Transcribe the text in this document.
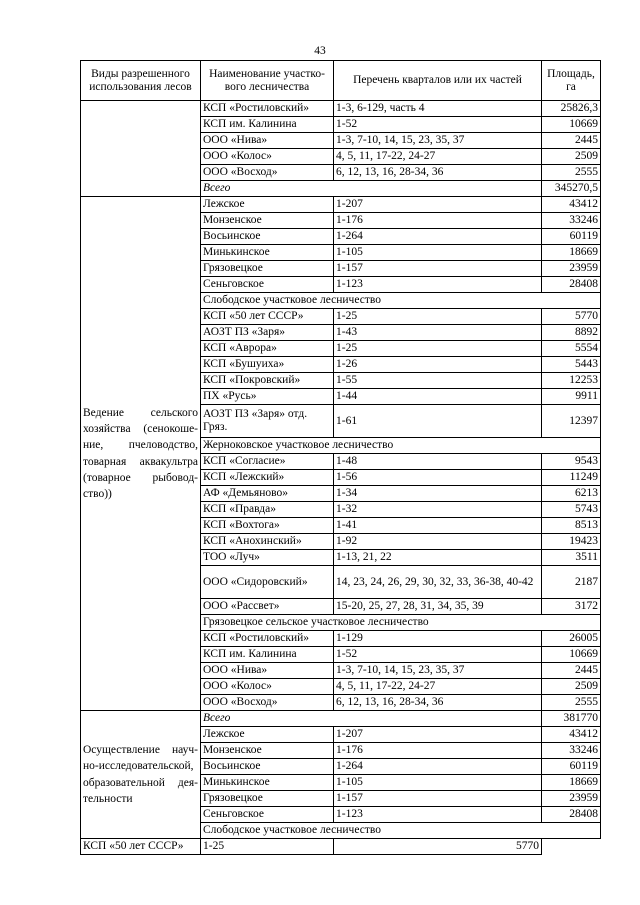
43
Виды разрешенного использования лесов	Наименование участко-вого лесничества	Перечень кварталов или их частей	Площадь, га
	КСП «Ростиловский»	1-3, 6-129, часть 4	25826,3
	КСП им. Калинина	1-52	10669
	ООО «Нива»	1-3, 7-10, 14, 15, 23, 35, 37	2445
	ООО «Колос»	4, 5, 11, 17-22, 24-27	2509
	ООО «Восход»	6, 12, 13, 16, 28-34, 36	2555
	Всего		345270,5
Ведение сельского хозяйства (сенокоше-ние, пчеловодство, товарная аквакультра (товарное рыбовод-ство))	Лежское	1-207	43412
	Монзенское	1-176	33246
	Восьинское	1-264	60119
	Минькинское	1-105	18669
	Грязовецкое	1-157	23959
	Сеньговское	1-123	28408
	Слободское участковое лесничество		
	КСП «50 лет СССР»	1-25	5770
	АОЗТ ПЗ «Заря»	1-43	8892
	КСП «Аврора»	1-25	5554
	КСП «Бушуиха»	1-26	5443
	КСП «Покровский»	1-55	12253
	ПХ «Русь»	1-44	9911
	АОЗТ ПЗ «Заря» отд. Гряз.	1-61	12397
	Жерноковское участковое лесничество		
	КСП «Согласие»	1-48	9543
	КСП «Лежский»	1-56	11249
	АФ «Демьяново»	1-34	6213
	КСП «Правда»	1-32	5743
	КСП «Вохтога»	1-41	8513
	КСП «Анохинский»	1-92	19423
	ТОО «Луч»	1-13, 21, 22	3511
	ООО «Сидоровский»	14, 23, 24, 26, 29, 30, 32, 33, 36-38, 40-42	2187
	ООО «Рассвет»	15-20, 25, 27, 28, 31, 34, 35, 39	3172
	Грязовецкое сельское участковое лесничество		
	КСП «Ростиловский»	1-129	26005
	КСП им. Калинина	1-52	10669
	ООО «Нива»	1-3, 7-10, 14, 15, 23, 35, 37	2445
	ООО «Колос»	4, 5, 11, 17-22, 24-27	2509
	ООО «Восход»	6, 12, 13, 16, 28-34, 36	2555
Осуществление науч-но-исследовательской, образовательной дея-тельности	Всего		381770
	Лежское	1-207	43412
	Монзенское	1-176	33246
	Восьинское	1-264	60119
	Минькинское	1-105	18669
	Грязовецкое	1-157	23959
	Сеньговское	1-123	28408
	Слободское участковое лесничество		
КСП «50 лет СССР»	1-25	5770	
